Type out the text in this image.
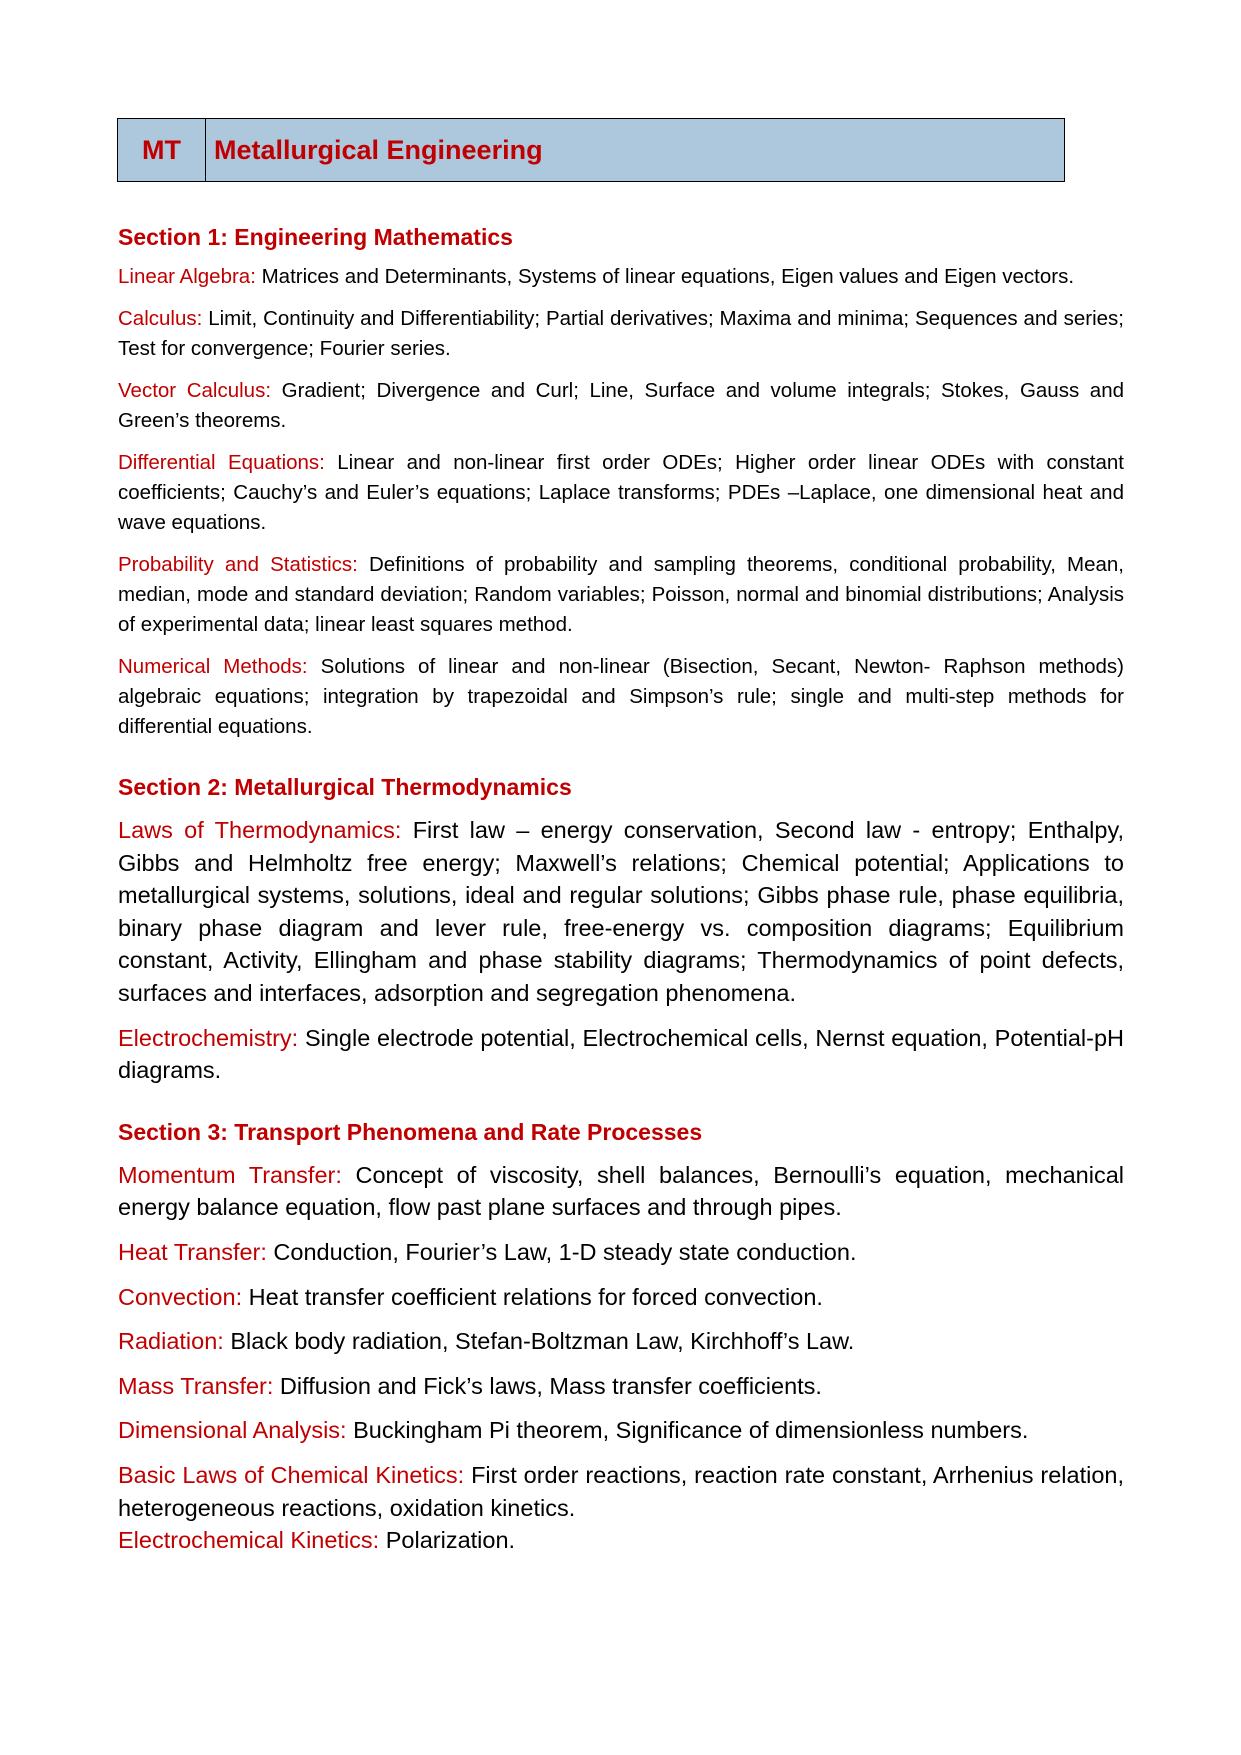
MT	Metallurgical Engineering
Section 1: Engineering Mathematics

Linear Algebra: Matrices and Determinants, Systems of linear equations, Eigen values and Eigen vectors.

Calculus: Limit, Continuity and Differentiability; Partial derivatives; Maxima and minima; Sequences and series; Test for convergence; Fourier series.

Vector Calculus: Gradient; Divergence and Curl; Line, Surface and volume integrals; Stokes, Gauss and Green’s theorems.

Differential Equations: Linear and non-linear first order ODEs; Higher order linear ODEs with constant coefficients; Cauchy’s and Euler’s equations; Laplace transforms; PDEs –Laplace, one dimensional heat and wave equations.

Probability and Statistics: Definitions of probability and sampling theorems, conditional probability, Mean, median, mode and standard deviation; Random variables; Poisson, normal and binomial distributions; Analysis of experimental data; linear least squares method.

Numerical Methods: Solutions of linear and non-linear (Bisection, Secant, Newton- Raphson methods) algebraic equations; integration by trapezoidal and Simpson’s rule; single and multi-step methods for differential equations.

Section 2: Metallurgical Thermodynamics

Laws of Thermodynamics: First law – energy conservation, Second law - entropy; Enthalpy, Gibbs and Helmholtz free energy; Maxwell’s relations; Chemical potential; Applications to metallurgical systems, solutions, ideal and regular solutions; Gibbs phase rule, phase equilibria, binary phase diagram and lever rule, free-energy vs. composition diagrams; Equilibrium constant, Activity, Ellingham and phase stability diagrams; Thermodynamics of point defects, surfaces and interfaces, adsorption and segregation phenomena.

Electrochemistry: Single electrode potential, Electrochemical cells, Nernst equation, Potential-pH diagrams.

Section 3: Transport Phenomena and Rate Processes

Momentum Transfer: Concept of viscosity, shell balances, Bernoulli’s equation, mechanical energy balance equation, flow past plane surfaces and through pipes.

Heat Transfer: Conduction, Fourier’s Law, 1-D steady state conduction.

Convection: Heat transfer coefficient relations for forced convection.

Radiation: Black body radiation, Stefan-Boltzman Law, Kirchhoff’s Law.

Mass Transfer: Diffusion and Fick’s laws, Mass transfer coefficients.

Dimensional Analysis: Buckingham Pi theorem, Significance of dimensionless numbers.

Basic Laws of Chemical Kinetics: First order reactions, reaction rate constant, Arrhenius relation, heterogeneous reactions, oxidation kinetics.

Electrochemical Kinetics: Polarization.
